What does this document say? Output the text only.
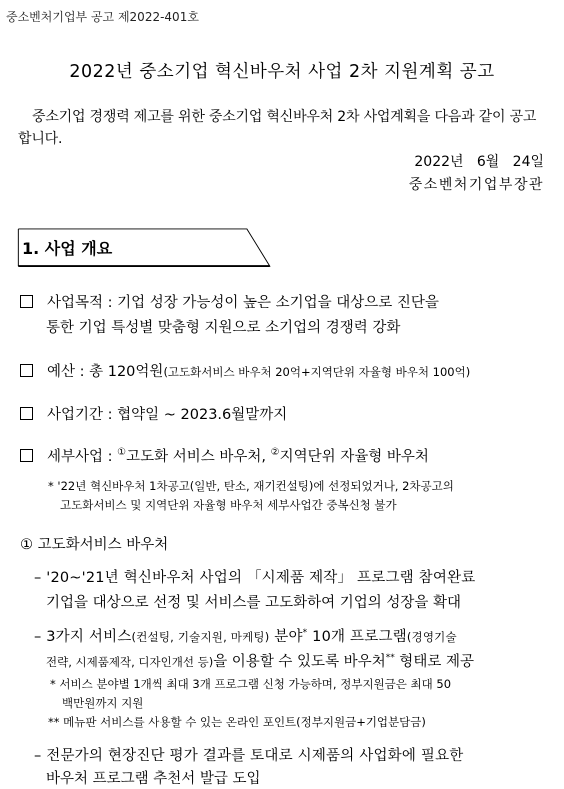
중소벤처기업부 공고 제2022-401호
2022년 중소기업 혁신바우처 사업 2차 지원계획 공고
중소기업 경쟁력 제고를 위한 중소기업 혁신바우처 2차 사업계획을 다음과 같이 공고합니다.
2022년   6월   24일
중소벤처기업부장관
1. 사업 개요
사업목적 : 기업 성장 가능성이 높은 소기업을 대상으로 진단을
통한 기업 특성별 맞춤형 지원으로 소기업의 경쟁력 강화
예산 : 총 120억원(고도화서비스 바우처 20억+지역단위 자율형 바우처 100억)
사업기간 : 협약일 ~ 2023.6월말까지
세부사업 : ①고도화 서비스 바우처, ②지역단위 자율형 바우처
* '22년 혁신바우처 1차공고(일반, 탄소, 재기컨설팅)에 선정되었거나, 2차공고의
고도화서비스 및 지역단위 자율형 바우처 세부사업간 중복신청 불가
① 고도화서비스 바우처
– '20~'21년 혁신바우처 사업의 「시제품 제작」 프로그램 참여완료
기업을 대상으로 선정 및 서비스를 고도화하여 기업의 성장을 확대
– 3가지 서비스(컨설팅, 기술지원, 마케팅) 분야* 10개 프로그램(경영기술
전략, 시제품제작, 디자인개선 등)을 이용할 수 있도록 바우처** 형태로 제공
* 서비스 분야별 1개씩 최대 3개 프로그램 신청 가능하며, 정부지원금은 최대 50
백만원까지 지원
** 메뉴판 서비스를 사용할 수 있는 온라인 포인트(정부지원금+기업분담금)
– 전문가의 현장진단 평가 결과를 토대로 시제품의 사업화에 필요한
바우처 프로그램 추천서 발급 도입
